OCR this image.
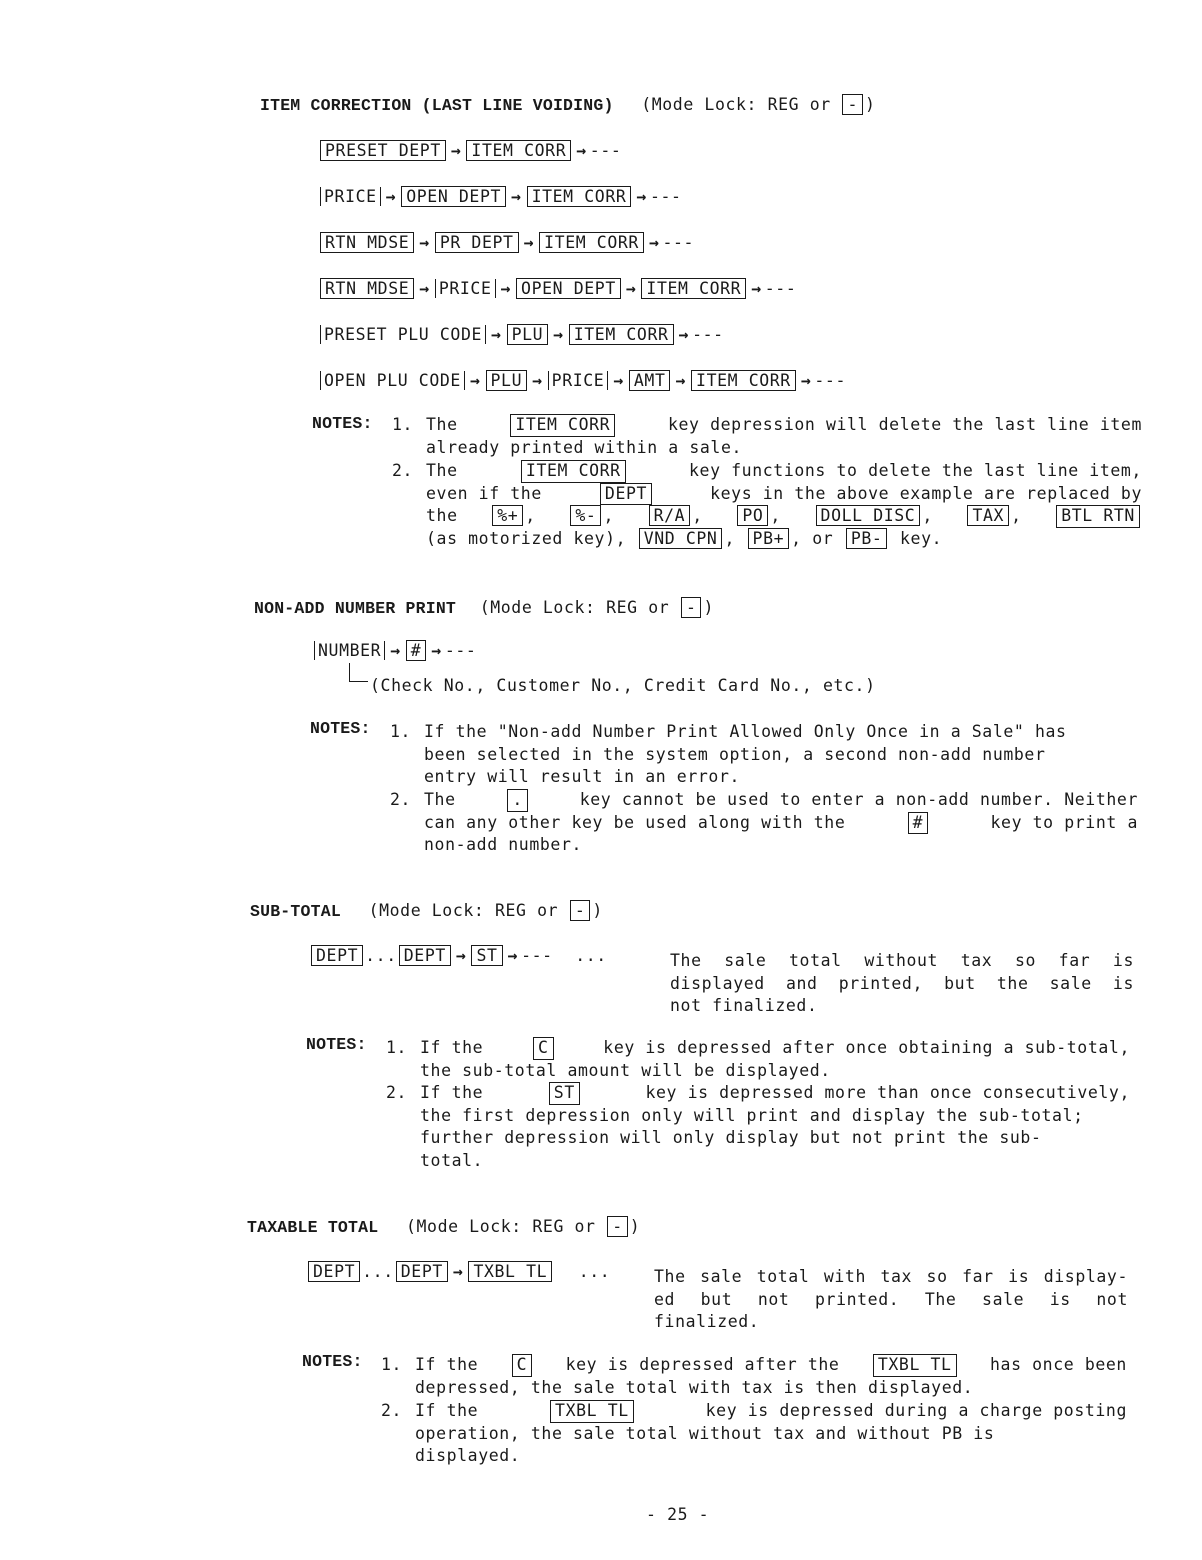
ITEM CORRECTION (LAST LINE VOIDING) (Mode Lock: REG or - )
PRESET DEPT → ITEM CORR → ---
PRICE → OPEN DEPT → ITEM CORR → ---
RTN MDSE → PR DEPT → ITEM CORR → ---
RTN MDSE → PRICE → OPEN DEPT → ITEM CORR → ---
PRESET PLU CODE → PLU → ITEM CORR → ---
OPEN PLU CODE → PLU → PRICE → AMT → ITEM CORR → ---
NOTES: 1. The	ITEM CORR	key depression will delete the last line item
already printed within a sale.
2. The	ITEM CORR	key functions to delete the last line item,
even if the	DEPT	keys in the above example are replaced by
the	%+ ,	%- ,	R/A ,	PO ,	DOLL DISC ,	TAX ,	BTL RTN
(as motorized key), VND CPN , PB+ , or PB- key.
NON-ADD NUMBER PRINT (Mode Lock: REG or - )
NUMBER → # → ---
(Check No., Customer No., Credit Card No., etc.)
NOTES: 1. If the "Non-add Number Print Allowed Only Once in a Sale" has
been selected in the system option, a second non-add number
entry will result in an error.
2. The	.	key cannot be used to enter a non-add number. Neither
can any other key be used along with the	#	key to print a
non-add number.
SUB-TOTAL (Mode Lock: REG or - )
DEPT ... DEPT → ST → --- ...	The sale total without tax so far is
displayed and printed, but the sale is
not finalized.
NOTES: 1. If the	C	key is depressed after once obtaining a sub-total,
the sub-total amount will be displayed.
2. If the	ST	key is depressed more than once consecutively,
the first depression only will print and display the sub-total;
further depression will only display but not print the sub-
total.
TAXABLE TOTAL (Mode Lock: REG or - )
DEPT ... DEPT → TXBL TL ...	The sale total with tax so far is display-
ed but not printed. The sale is not
finalized.
NOTES: 1. If the	C	key is depressed after the	TXBL TL	has once been
depressed, the sale total with tax is then displayed.
2. If the	TXBL TL	key is depressed during a charge posting
operation, the sale total without tax and without PB is
displayed.
- 25 -
